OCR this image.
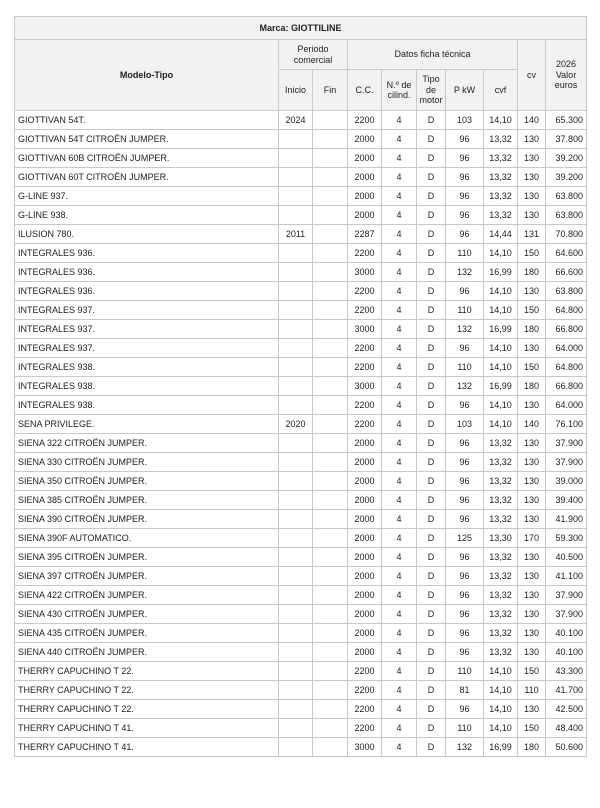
Marca: GIOTTILINE									
Modelo-Tipo	Periodo comercial		Datos ficha técnica					cv	2026 Valor euros
	Inicio	Fin	C.C.	N.º de cilind.	Tipo de motor	P kW	cvf		
GIOTTIVAN 54T.	2024		2200	4	D	103	14,10	140	65.300
GIOTTIVAN 54T CITROËN JUMPER.			2000	4	D	96	13,32	130	37.800
GIOTTIVAN 60B CITROËN JUMPER.			2000	4	D	96	13,32	130	39.200
GIOTTIVAN 60T CITROËN JUMPER.			2000	4	D	96	13,32	130	39.200
G-LINE 937.			2000	4	D	96	13,32	130	63.800
G-LINE 938.			2000	4	D	96	13,32	130	63.800
ILUSION 780.	2011		2287	4	D	96	14,44	131	70.800
INTEGRALES 936.			2200	4	D	110	14,10	150	64.600
INTEGRALES 936.			3000	4	D	132	16,99	180	66.600
INTEGRALES 936.			2200	4	D	96	14,10	130	63.800
INTEGRALES 937.			2200	4	D	110	14,10	150	64.800
INTEGRALES 937.			3000	4	D	132	16,99	180	66.800
INTEGRALES 937.			2200	4	D	96	14,10	130	64.000
INTEGRALES 938.			2200	4	D	110	14,10	150	64.800
INTEGRALES 938.			3000	4	D	132	16,99	180	66.800
INTEGRALES 938.			2200	4	D	96	14,10	130	64.000
SENA PRIVILEGE.	2020		2200	4	D	103	14,10	140	76.100
SIENA 322 CITROËN JUMPER.			2000	4	D	96	13,32	130	37.900
SIENA 330 CITROËN JUMPER.			2000	4	D	96	13,32	130	37.900
SIENA 350 CITROËN JUMPER.			2000	4	D	96	13,32	130	39.000
SIENA 385 CITROËN JUMPER.			2000	4	D	96	13,32	130	39.400
SIENA 390 CITROËN JUMPER.			2000	4	D	96	13,32	130	41.900
SIENA 390F AUTOMATICO.			2000	4	D	125	13,30	170	59.300
SIENA 395 CITROËN JUMPER.			2000	4	D	96	13,32	130	40.500
SIENA 397 CITROËN JUMPER.			2000	4	D	96	13,32	130	41.100
SIENA 422 CITROËN JUMPER.			2000	4	D	96	13,32	130	37.900
SIENA 430 CITROËN JUMPER.			2000	4	D	96	13,32	130	37.900
SIENA 435 CITROËN JUMPER.			2000	4	D	96	13,32	130	40.100
SIENA 440 CITROËN JUMPER.			2000	4	D	96	13,32	130	40.100
THERRY CAPUCHINO T 22.			2200	4	D	110	14,10	150	43.300
THERRY CAPUCHINO T 22.			2200	4	D	81	14,10	110	41.700
THERRY CAPUCHINO T 22.			2200	4	D	96	14,10	130	42.500
THERRY CAPUCHINO T 41.			2200	4	D	110	14,10	150	48.400
THERRY CAPUCHINO T 41.			3000	4	D	132	16,99	180	50.600
